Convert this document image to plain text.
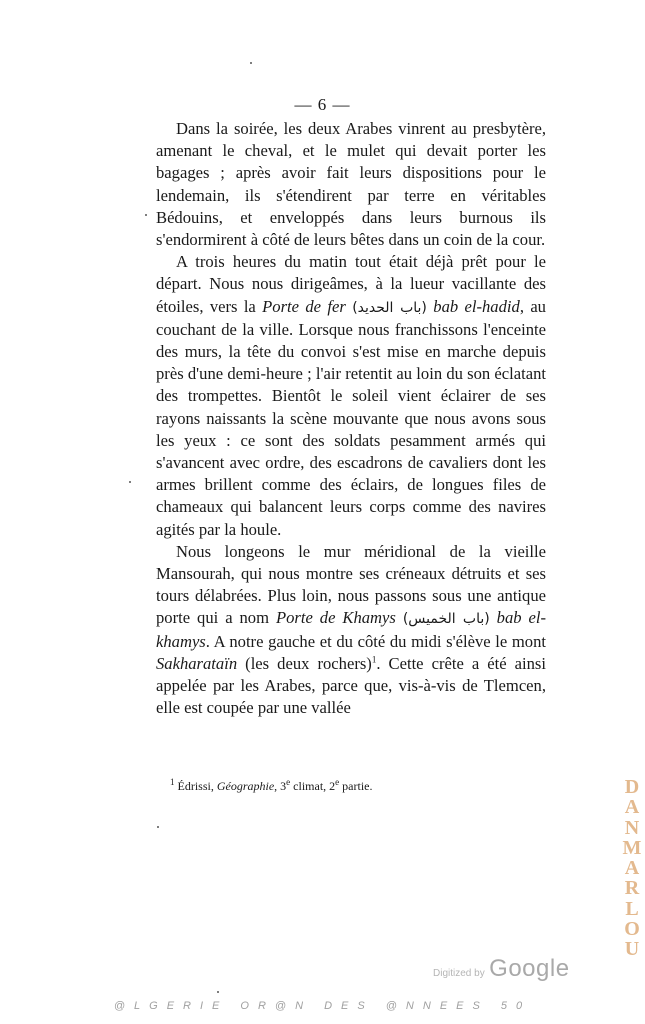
— 6 —

Dans la soirée, les deux Arabes vinrent au presbytère, amenant le cheval, et le mulet qui devait porter les bagages ; après avoir fait leurs dispositions pour le lendemain, ils s'étendirent par terre en véritables Bédouins, et enveloppés dans leurs burnous ils s'endormirent à côté de leurs bêtes dans un coin de la cour.

A trois heures du matin tout était déjà prêt pour le départ. Nous nous dirigeâmes, à la lueur vacillante des étoiles, vers la Porte de fer (باب الحديد) bab el-hadid, au couchant de la ville. Lorsque nous franchissons l'enceinte des murs, la tête du convoi s'est mise en marche depuis près d'une demi-heure ; l'air retentit au loin du son éclatant des trompettes. Bientôt le soleil vient éclairer de ses rayons naissants la scène mouvante que nous avons sous les yeux : ce sont des soldats pesamment armés qui s'avancent avec ordre, des escadrons de cavaliers dont les armes brillent comme des éclairs, de longues files de chameaux qui balancent leurs corps comme des navires agités par la houle.

Nous longeons le mur méridional de la vieille Mansourah, qui nous montre ses créneaux détruits et ses tours délabrées. Plus loin, nous passons sous une antique porte qui a nom Porte de Khamys (باب الخميس) bab el-khamys. A notre gauche et du côté du midi s'élève le mont Sakharataïn (les deux rochers)$^1$. Cette crête a été ainsi appelée par les Arabes, parce que, vis-à-vis de Tlemcen, elle est coupée par une vallée

$^1$ Édrissi, Géographie, 3e climat, 2e partie.	DANMARLOU
Digitized by Google
@LGERIE OR@N DES @NNEES 50
